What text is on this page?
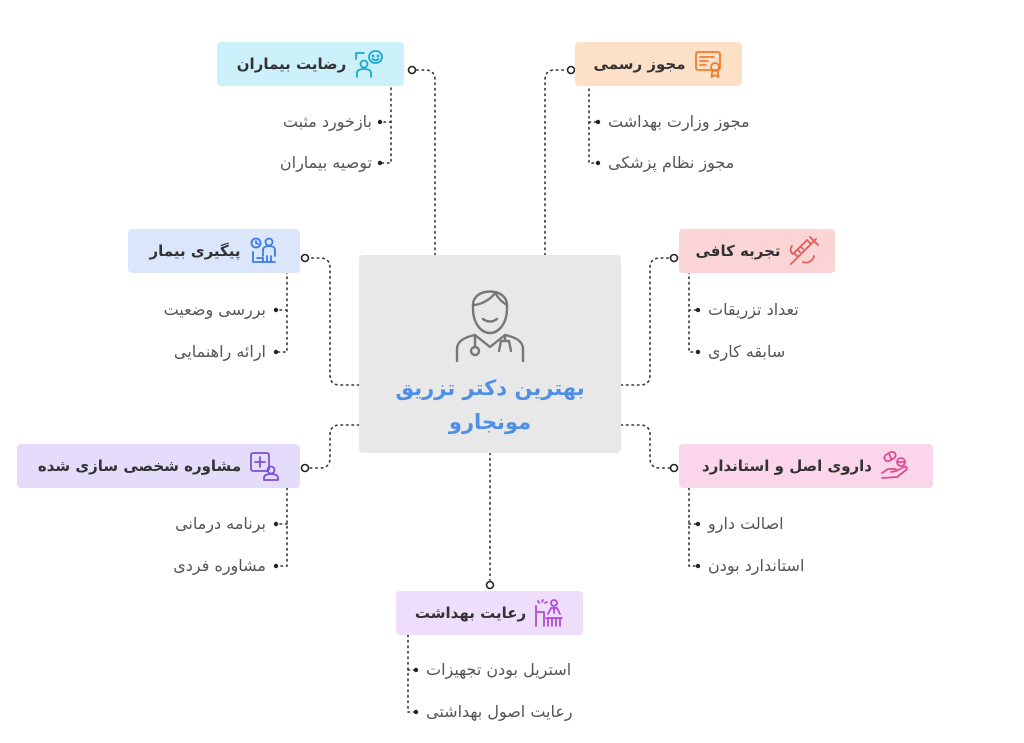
بهترین دکتر تزریق مونجارو
رضایت بیماران
بازخورد مثبت
توصیه بیماران
مجوز رسمی
مجوز وزارت بهداشت
مجوز نظام پزشکی
پیگیری بیمار
بررسی وضعیت
ارائه راهنمایی
تجربه کافی
تعداد تزریقات
سابقه کاری
مشاوره شخصی سازی شده
برنامه درمانی
مشاوره فردی
داروی اصل و استاندارد
اصالت دارو
استاندارد بودن
رعایت بهداشت
استریل بودن تجهیزات
رعایت اصول بهداشتی
